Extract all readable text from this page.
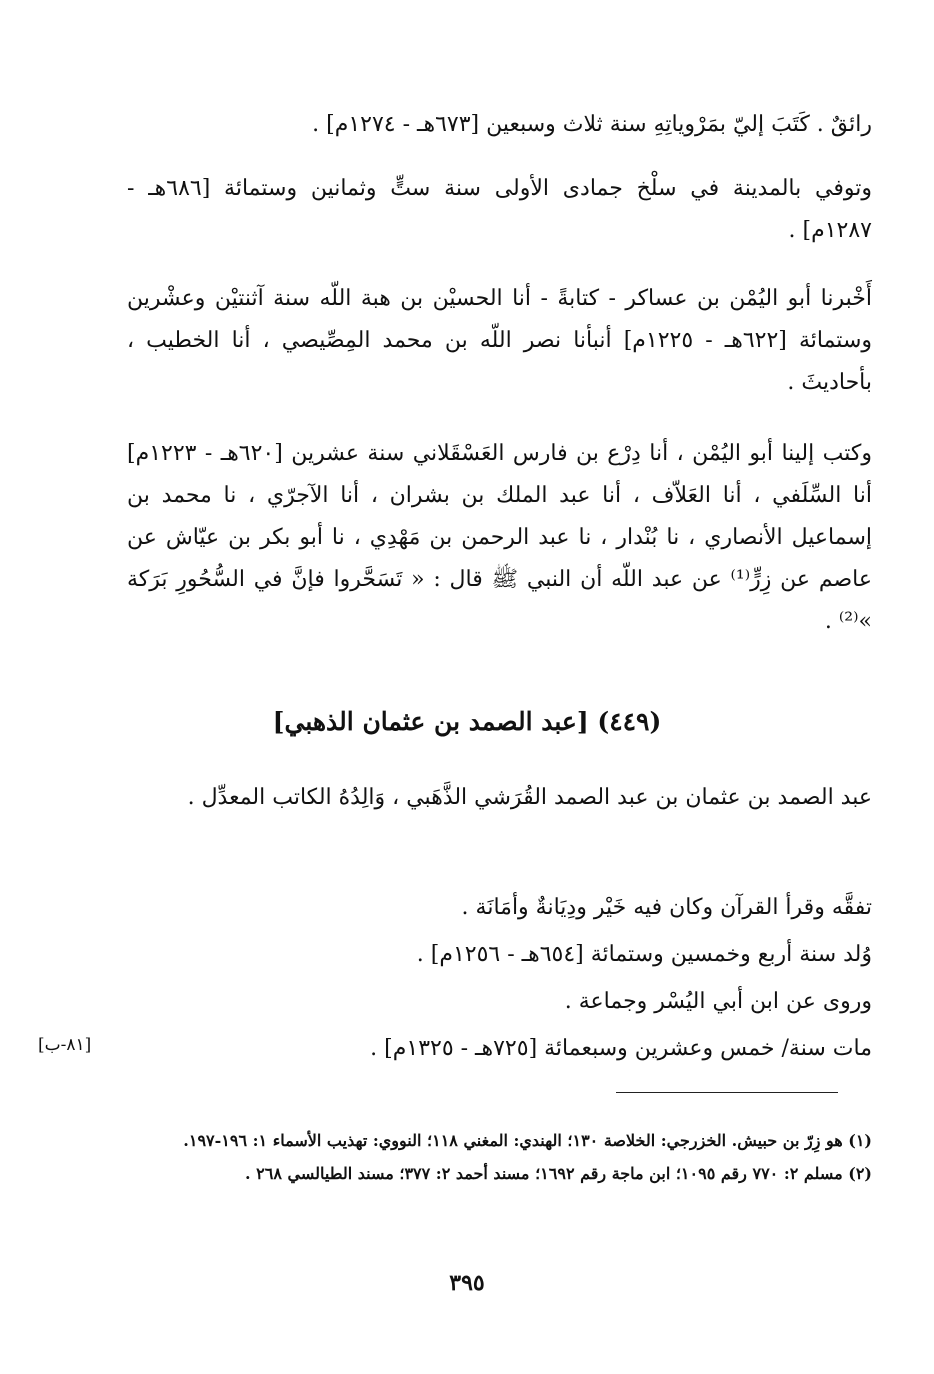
رائقٌ . كَتَبَ إليّ بمَرْوياتِهِ سنة ثلاث وسبعين [٦٧٣هـ - ١٢٧٤م] .
وتوفي بالمدينة في سلْخ جمادى الأولى سنة ستٍّ وثمانين وستمائة [٦٨٦هـ - ١٢٨٧م] .
أَخْبرنا أبو اليُمْن بن عساكر - كتابةً - أنا الحسيْن بن هبة اللّه سنة آثنتيْن وعشْرين وستمائة [٦٢٢هـ - ١٢٢٥م] أنبأنا نصر اللّه بن محمد المِصِّيصي ، أنا الخطيب ، بأحاديثَ .
وكتب إلينا أبو اليُمْن ، أنا دِرْع بن فارس العَسْقَلاني سنة عشرين [٦٢٠هـ - ١٢٢٣م] أنا السِّلَفي ، أنا العَلاّف ، أنا عبد الملك بن بشران ، أنا الآجرّي ، نا محمد بن إسماعيل الأنصاري ، نا بُنْدار ، نا عبد الرحمن بن مَهْدِي ، نا أبو بكر بن عيّاش عن عاصم عن زِرٍّ⁽¹⁾ عن عبد اللّه أن النبي ﷺ قال : « تَسَحَّروا فإنَّ في السُّحُورِ بَرَكة »⁽²⁾ .
(٤٤٩) [عبد الصمد بن عثمان الذهبي]
عبد الصمد بن عثمان بن عبد الصمد القُرَشي الذَّهَبي ، وَالِدُهُ الكاتب المعدِّل .
تفقَّه وقرأ القرآن وكان فيه خَيْر ودِيَانةٌ وأمَانَة .
وُلد سنة أربع وخمسين وستمائة [٦٥٤هـ - ١٢٥٦م] .
وروى عن ابن أبي اليُسْر وجماعة .
مات سنة/ خمس وعشرين وسبعمائة [٧٢٥هـ - ١٣٢٥م] .
[٨١-ب]
(١) هو زِرّ بن حبيش. الخزرجي: الخلاصة ١٣٠؛ الهندي: المغني ١١٨؛ النووي: تهذيب الأسماء ١: ١٩٦-١٩٧.
(٢) مسلم ٢: ٧٧٠ رقم ١٠٩٥؛ ابن ماجة رقم ١٦٩٢؛ مسند أحمد ٢: ٣٧٧؛ مسند الطيالسي ٢٦٨ .
٣٩٥
